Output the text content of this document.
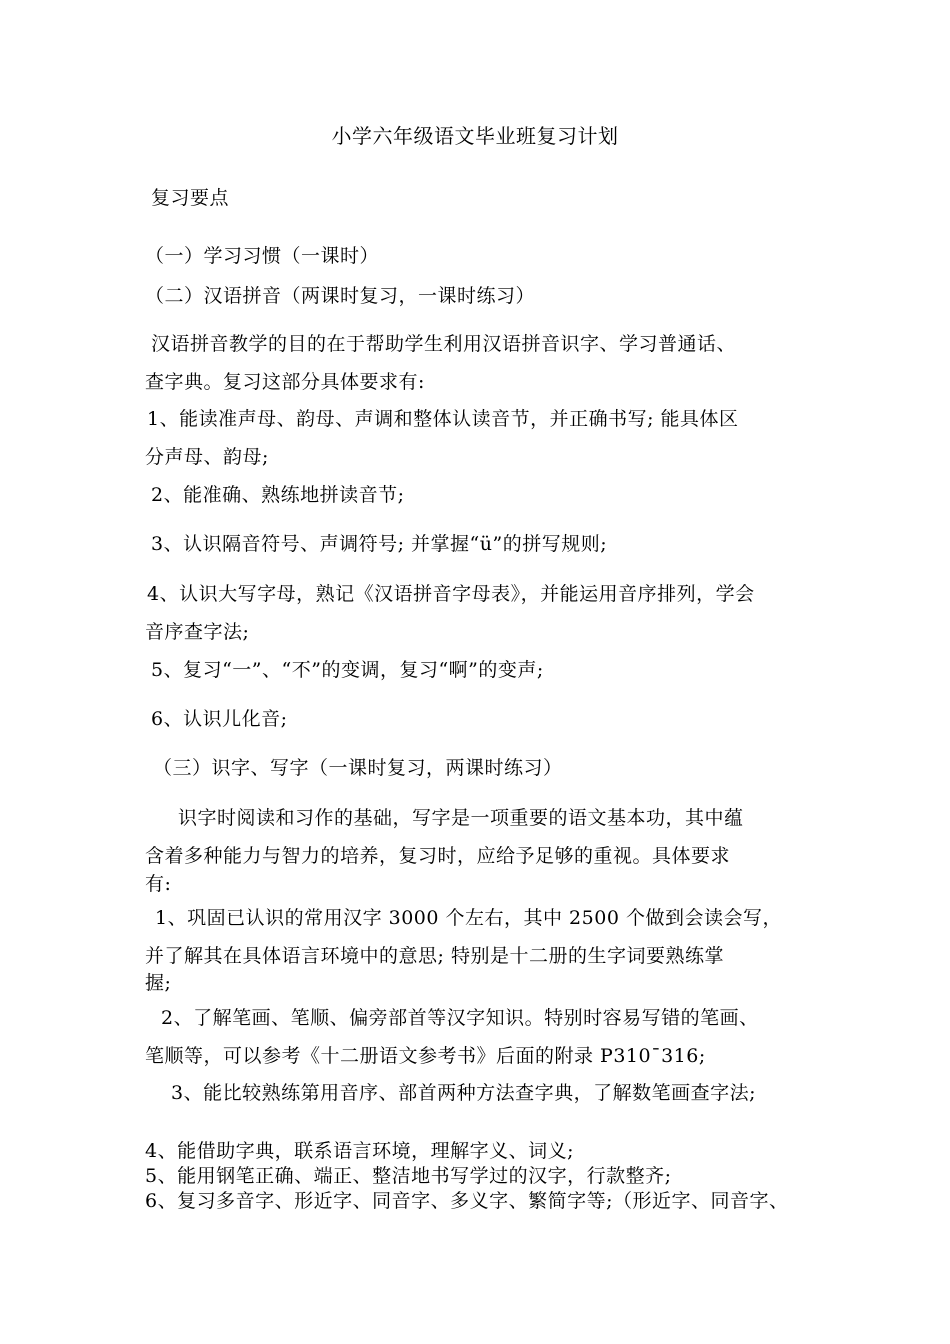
小学六年级语文毕业班复习计划
复习要点
（一）学习习惯（一课时）
（二）汉语拼音（两课时复习，一课时练习）
汉语拼音教学的目的在于帮助学生利用汉语拼音识字、学习普通话、
查字典。复习这部分具体要求有:
1、能读准声母、韵母、声调和整体认读音节，并正确书写; 能具体区
分声母、韵母;
2、能准确、熟练地拼读音节;
3、认识隔音符号、声调符号; 并掌握“ü”的拼写规则;
4、认识大写字母，熟记《汉语拼音字母表》，并能运用音序排列，学会
音序查字法;
5、复习“一”、“不”的变调，复习“啊”的变声;
6、认识儿化音;
（三）识字、写字（一课时复习，两课时练习）
识字时阅读和习作的基础，写字是一项重要的语文基本功，其中蕴
含着多种能力与智力的培养，复习时，应给予足够的重视。具体要求
有:
1、巩固已认识的常用汉字 3000 个左右，其中 2500 个做到会读会写，
并了解其在具体语言环境中的意思; 特别是十二册的生字词要熟练掌
握;
2、了解笔画、笔顺、偏旁部首等汉字知识。特别时容易写错的笔画、
笔顺等，可以参考《十二册语文参考书》后面的附录 P310¯316;
3、能比较熟练第用音序、部首两种方法查字典，了解数笔画查字法;
4、能借助字典，联系语言环境，理解字义、词义;
5、能用钢笔正确、端正、整洁地书写学过的汉字，行款整齐;
6、复习多音字、形近字、同音字、多义字、繁简字等;（形近字、同音字、
